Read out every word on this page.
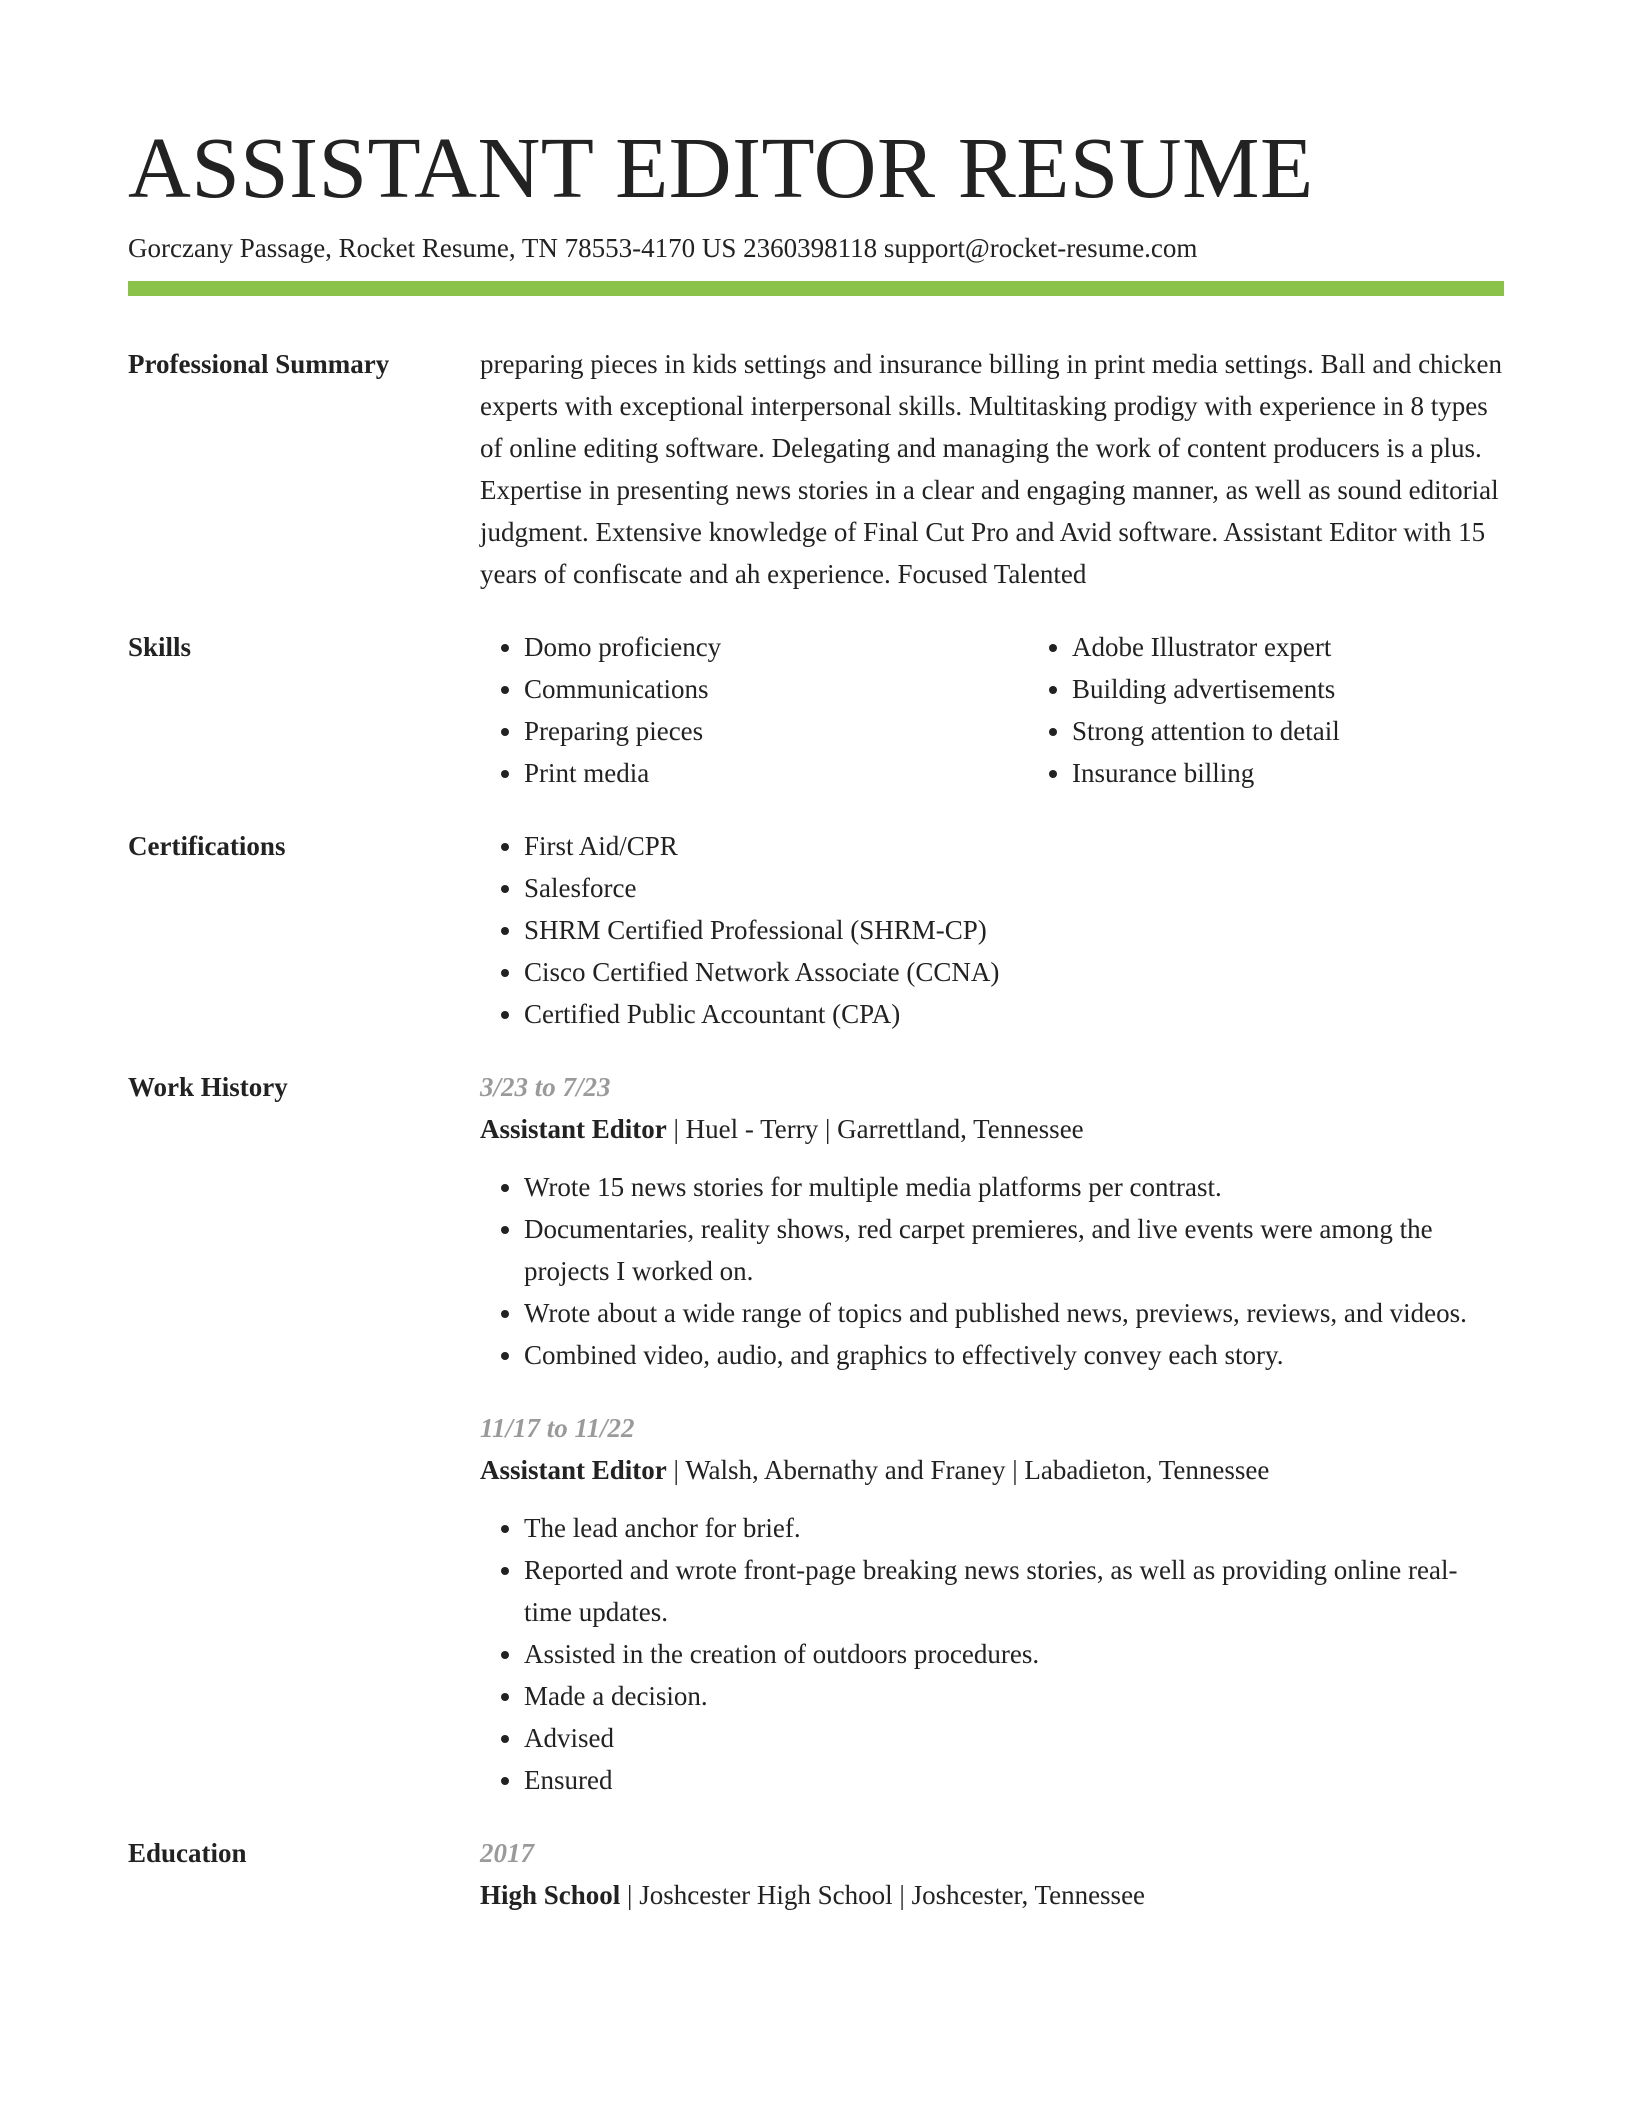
ASSISTANT EDITOR RESUME
Gorczany Passage, Rocket Resume, TN 78553-4170 US 2360398118 support@rocket-resume.com
Professional Summary	preparing pieces in kids settings and insurance billing in print media settings. Ball and chicken experts with exceptional interpersonal skills. Multitasking prodigy with experience in 8 types of online editing software. Delegating and managing the work of content producers is a plus. Expertise in presenting news stories in a clear and engaging manner, as well as sound editorial judgment. Extensive knowledge of Final Cut Pro and Avid software. Assistant Editor with 15 years of confiscate and ah experience. Focused Talented
Skills	• Domo proficiency
• Communications
• Preparing pieces
• Print media
• Adobe Illustrator expert
• Building advertisements
• Strong attention to detail
• Insurance billing
Certifications	• First Aid/CPR
• Salesforce
• SHRM Certified Professional (SHRM-CP)
• Cisco Certified Network Associate (CCNA)
• Certified Public Accountant (CPA)
Work History	3/23 to 7/23
Assistant Editor | Huel - Terry | Garrettland, Tennessee
• Wrote 15 news stories for multiple media platforms per contrast.
• Documentaries, reality shows, red carpet premieres, and live events were among the projects I worked on.
• Wrote about a wide range of topics and published news, previews, reviews, and videos.
• Combined video, audio, and graphics to effectively convey each story.
11/17 to 11/22
Assistant Editor | Walsh, Abernathy and Franey | Labadieton, Tennessee
• The lead anchor for brief.
• Reported and wrote front-page breaking news stories, as well as providing online real-time updates.
• Assisted in the creation of outdoors procedures.
• Made a decision.
• Advised
• Ensured
Education	2017
High School | Joshcester High School | Joshcester, Tennessee
